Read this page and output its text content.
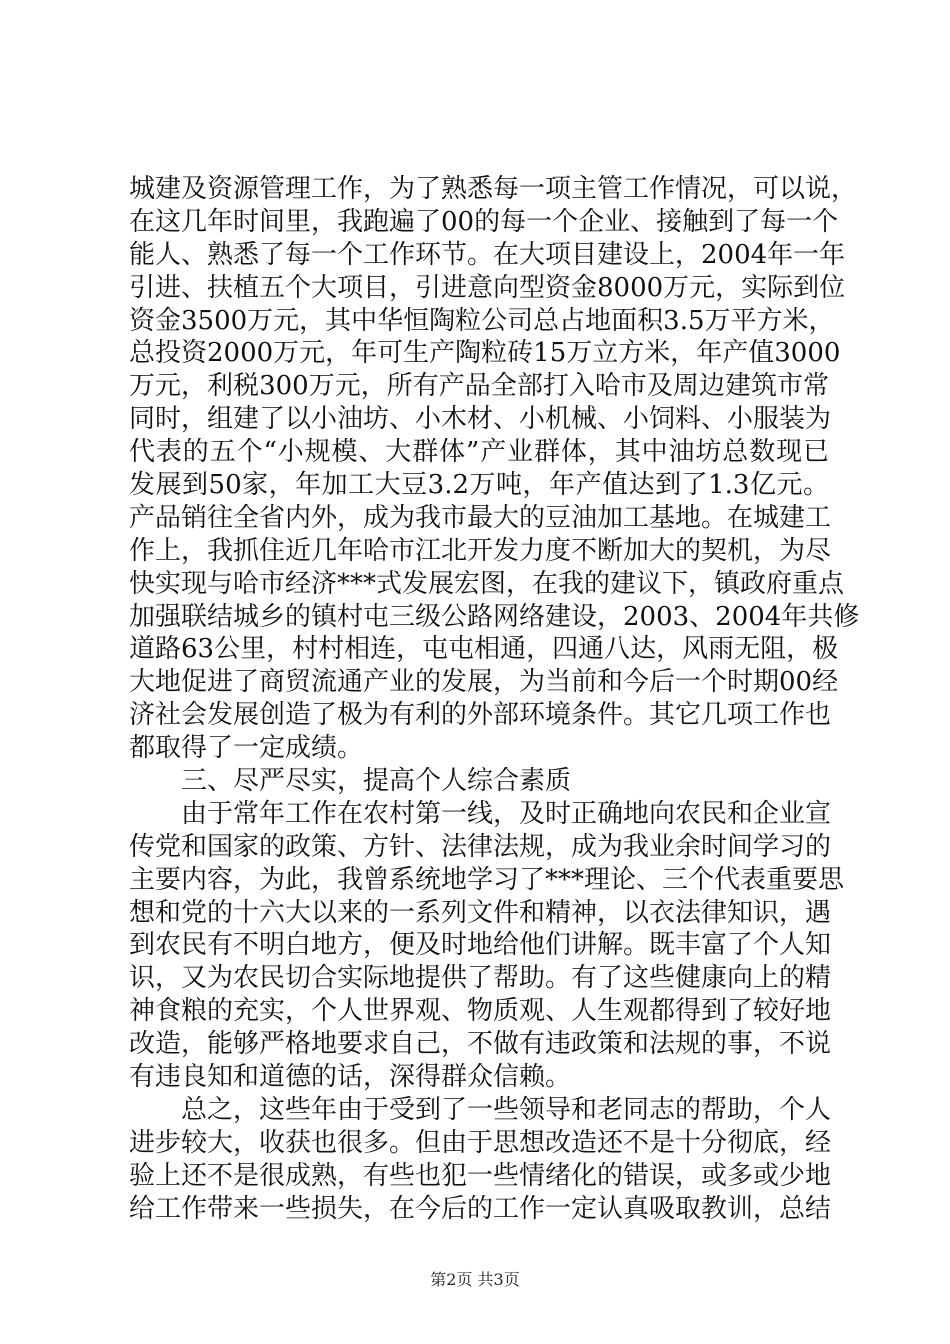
城建及资源管理工作，为了熟悉每一项主管工作情况，可以说，
在这几年时间里，我跑遍了00的每一个企业、接触到了每一个
能人、熟悉了每一个工作环节。在大项目建设上，2004年一年
引进、扶植五个大项目，引进意向型资金8000万元，实际到位
资金3500万元，其中华恒陶粒公司总占地面积3.5万平方米，
总投资2000万元，年可生产陶粒砖15万立方米，年产值3000
万元，利税300万元，所有产品全部打入哈市及周边建筑市常
同时，组建了以小油坊、小木材、小机械、小饲料、小服装为
代表的五个“小规模、大群体”产业群体，其中油坊总数现已
发展到50家，年加工大豆3.2万吨，年产值达到了1.3亿元。
产品销往全省内外，成为我市最大的豆油加工基地。在城建工
作上，我抓住近几年哈市江北开发力度不断加大的契机，为尽
快实现与哈市经济***式发展宏图，在我的建议下，镇政府重点
加强联结城乡的镇村屯三级公路网络建设，2003、2004年共修
道路63公里，村村相连，屯屯相通，四通八达，风雨无阻，极
大地促进了商贸流通产业的发展，为当前和今后一个时期00经
济社会发展创造了极为有利的外部环境条件。其它几项工作也
都取得了一定成绩。
三、尽严尽实，提高个人综合素质
由于常年工作在农村第一线，及时正确地向农民和企业宣
传党和国家的政策、方针、法律法规，成为我业余时间学习的
主要内容，为此，我曾系统地学习了***理论、三个代表重要思
想和党的十六大以来的一系列文件和精神，以衣法律知识，遇
到农民有不明白地方，便及时地给他们讲解。既丰富了个人知
识，又为农民切合实际地提供了帮助。有了这些健康向上的精
神食粮的充实，个人世界观、物质观、人生观都得到了较好地
改造，能够严格地要求自己，不做有违政策和法规的事，不说
有违良知和道德的话，深得群众信赖。
总之，这些年由于受到了一些领导和老同志的帮助，个人
进步较大，收获也很多。但由于思想改造还不是十分彻底，经
验上还不是很成熟，有些也犯一些情绪化的错误，或多或少地
给工作带来一些损失，在今后的工作一定认真吸取教训，总结
第2页 共3页
